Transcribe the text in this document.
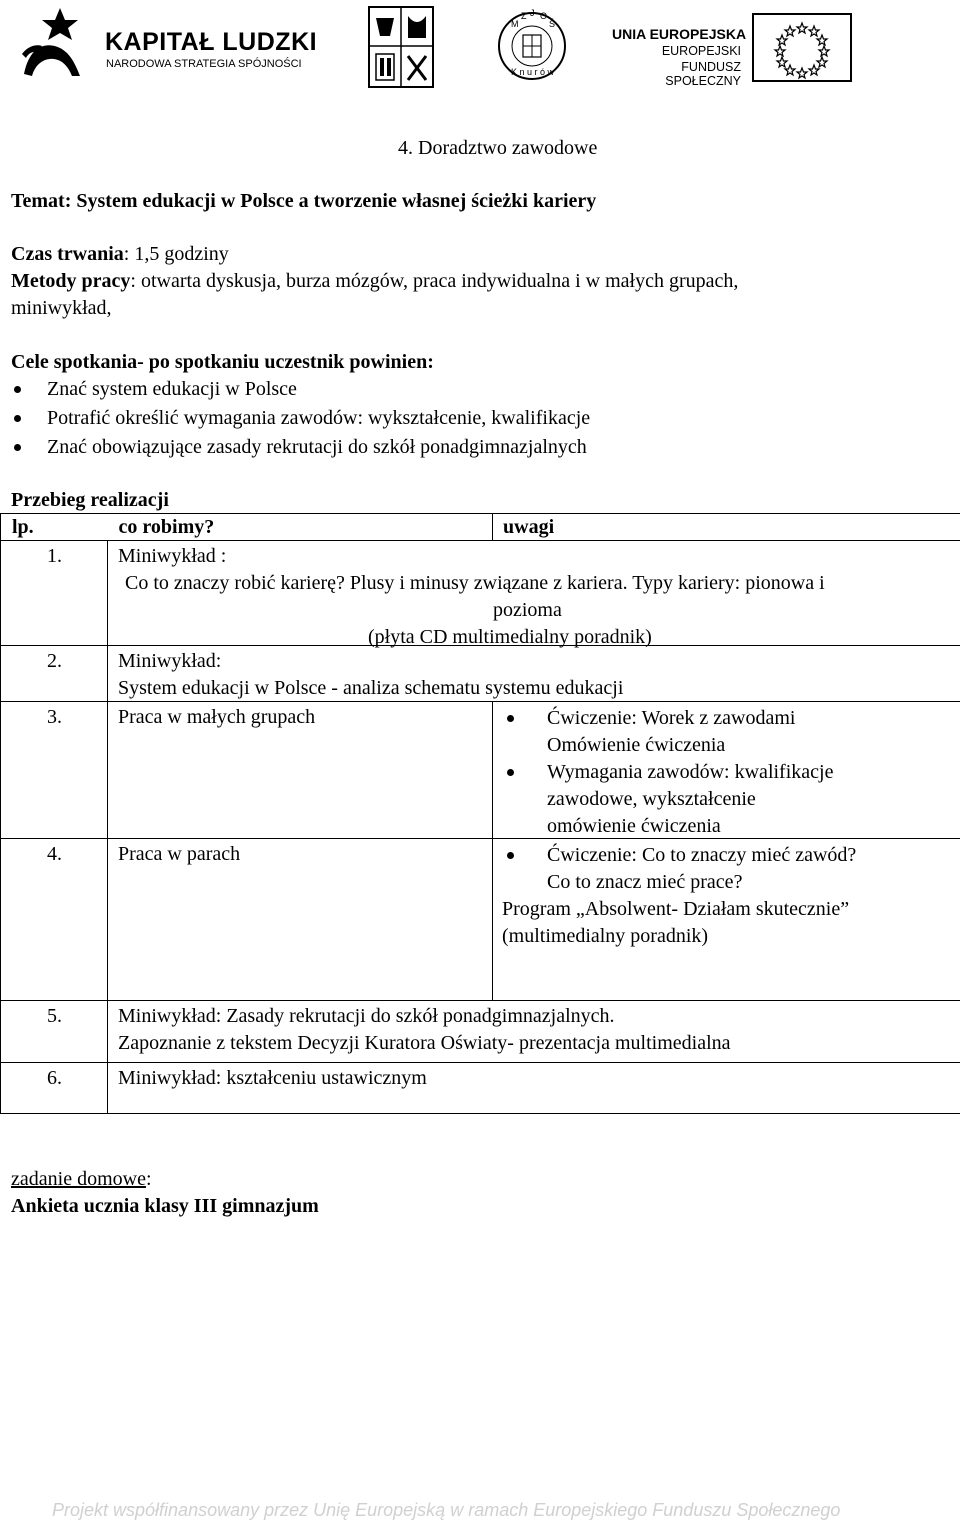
KAPITAŁ LUDZKI
NARODOWA STRATEGIA SPÓJNOŚCI
M
Z J O
Ś
K n u r ó w
UNIA EUROPEJSKA
EUROPEJSKI
FUNDUSZ SPOŁECZNY
4. Doradztwo zawodowe
Temat: System edukacji w Polsce a tworzenie własnej ścieżki kariery
Czas trwania: 1,5 godziny
Metody pracy: otwarta dyskusja, burza mózgów, praca indywidualna i w małych grupach,
miniwykład,
Cele spotkania- po spotkaniu uczestnik powinien:
Znać system edukacji w Polsce
Potrafić określić wymagania zawodów: wykształcenie, kwalifikacje
Znać obowiązujące zasady rekrutacji do szkół ponadgimnazjalnych
Przebieg realizacji
lp.	co robimy?	uwagi

1.	Miniwykład :
Co to znaczy robić karierę? Plusy i minusy związane z kariera. Typy kariery: pionowa i
pozioma
(płyta CD multimedialny poradnik)	

2.	Miniwykład:
System edukacji w Polsce - analiza schematu systemu edukacji	

3.	Praca w małych grupach	Ćwiczenie: Worek z zawodami
Omówienie ćwiczenia
Wymagania zawodów: kwalifikacje
zawodowe, wykształcenie
omówienie ćwiczenia

4.	Praca w parach	Ćwiczenie: Co to znaczy mieć zawód?
Co to znacz mieć prace?
Program „Absolwent- Działam skutecznie”
(multimedialny poradnik)

5.	Miniwykład: Zasady rekrutacji do szkół ponadgimnazjalnych.
Zapoznanie z tekstem Decyzji Kuratora Oświaty- prezentacja multimedialna	

6.	Miniwykład: kształceniu ustawicznym	
zadanie domowe:
Ankieta ucznia klasy III gimnazjum
Projekt współfinansowany przez Unię Europejską w ramach Europejskiego Funduszu Społecznego
